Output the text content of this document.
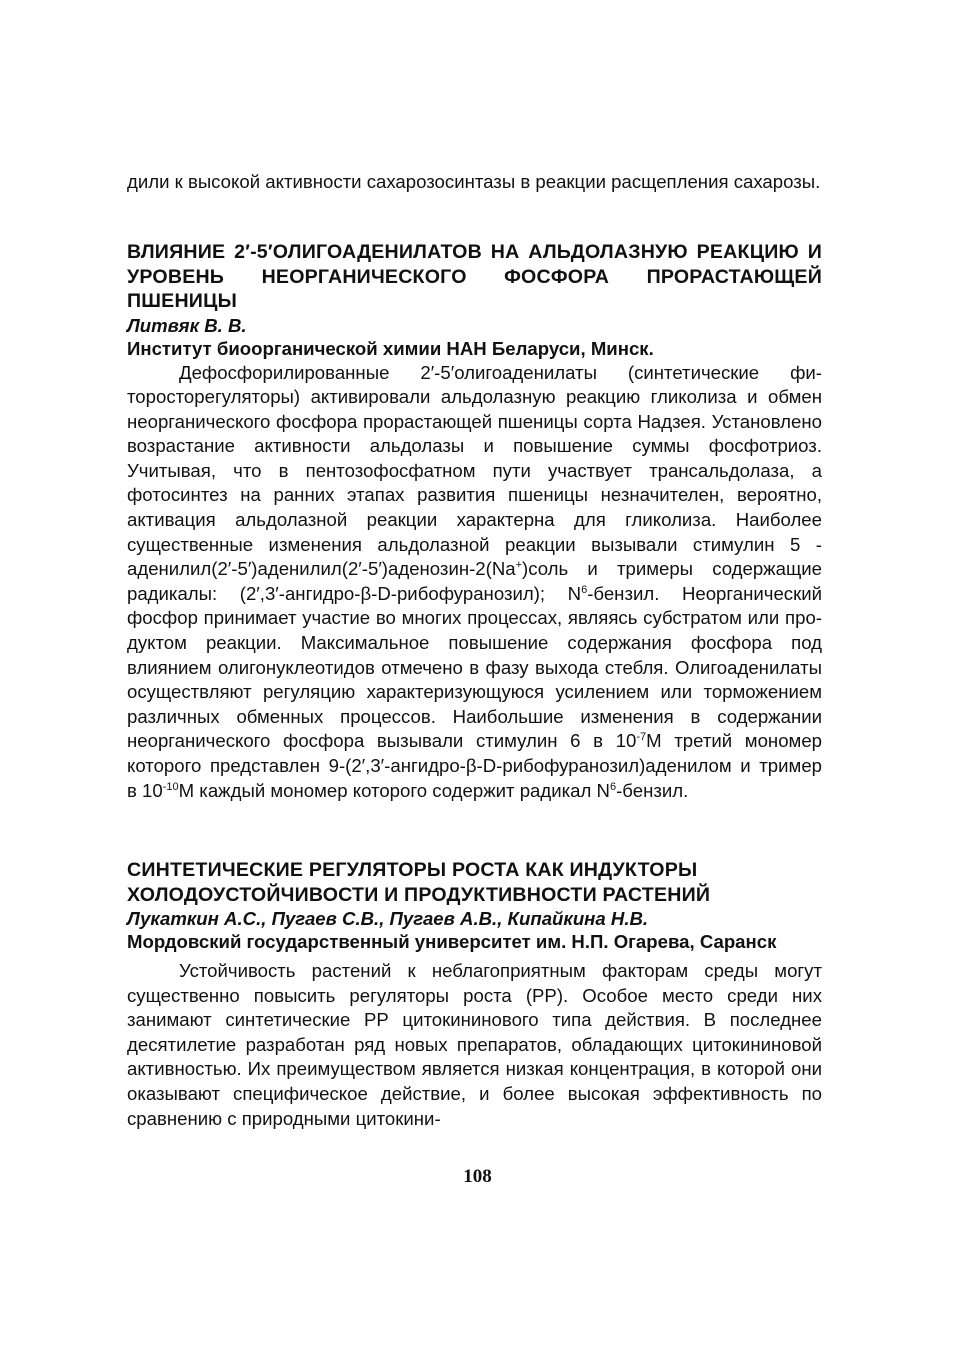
дили к высокой активности сахарозосинтазы в реакции расщепления сахарозы.

ВЛИЯНИЕ 2′-5′ОЛИГОАДЕНИЛАТОВ НА АЛЬДОЛАЗНУЮ РЕАКЦИЮ И УРОВЕНЬ НЕОРГАНИЧЕСКОГО ФОСФОРА ПРОРАСТАЮЩЕЙ ПШЕНИЦЫ

Литвяк В. В.

Институт биоорганической химии НАН Беларуси, Минск.

Дефосфорилированные 2′-5′олигоаденилаты (синтетические фиторосторегуляторы) активировали альдолазную реакцию гликолиза и обмен неорганического фосфора прорастающей пшеницы сорта Надзея. Установлено возрастание активности альдолазы и повышение суммы фосфотриоз. Учитывая, что в пентозофосфатном пути участвует трансальдолаза, а фотосинтез на ранних этапах развития пшеницы незначителен, вероятно, активация альдолазной реакции характерна для гликолиза. Наиболее существенные изменения альдолазной реакции вызывали стимулин 5 - аденилил(2′-5′)аденилил(2′-5′)аденозин-2(Na+)соль и тримеры содержащие радикалы: (2′,3′-ангидро-β-D-рибофуранозил); $N^6$-бензил. Неорганический фосфор принимает участие во многих процессах, являясь субстратом или продуктом реакции. Максимальное повышение содержания фосфора под влиянием олигонуклеотидов отмечено в фазу выхода стебля. Олигоаденилаты осуществляют регуляцию характеризующуюся усилением или торможением различных обменных процессов. Наибольшие изменения в содержании неорганического фосфора вызывали стимулин 6 в $10^{-7}М$ третий мономер которого представлен 9-(2′,3′-ангидро-β-D-рибофуранозил)аденилом и тример в $10^{-10}М$ каждый мономер которого содержит радикал $N^6$-бензил.

СИНТЕТИЧЕСКИЕ РЕГУЛЯТОРЫ РОСТА КАК ИНДУКТОРЫ ХОЛОДОУСТОЙЧИВОСТИ И ПРОДУКТИВНОСТИ РАСТЕНИЙ

Лукаткин А.С., Пугаев С.В., Пугаев А.В., Кипайкина Н.В.

Мордовский государственный университет им. Н.П. Огарева, Саранск

Устойчивость растений к неблагоприятным факторам среды могут существенно повысить регуляторы роста (РР). Особое место среди них занимают синтетические РР цитокининового типа действия. В последнее десятилетие разработан ряд новых препаратов, обладающих цитокининовой активностью. Их преимуществом является низкая концентрация, в которой они оказывают специфическое действие, и более высокая эффективность по сравнению с природными цитокини-

108
